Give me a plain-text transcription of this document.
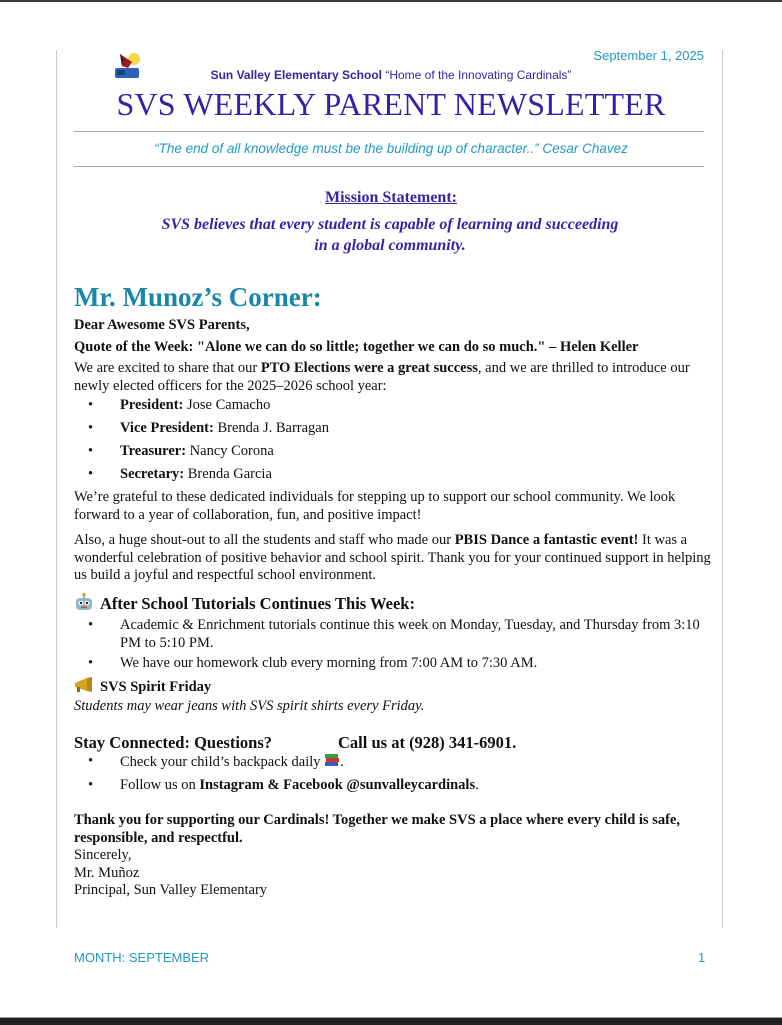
September 1, 2025
Sun Valley Elementary School “Home of the Innovating Cardinals”
SVS WEEKLY PARENT NEWSLETTER
“The end of all knowledge must be the building up of character..” Cesar Chavez
Mission Statement:
SVS believes that every student is capable of learning and succeeding
in a global community.
Mr. Munoz’s Corner:

Dear Awesome SVS Parents,

Quote of the Week: "Alone we can do so little; together we can do so much." – Helen Keller

We are excited to share that our PTO Elections were a great success, and we are thrilled to introduce our newly elected officers for the 2025–2026 school year:

• President: Jose Camacho
• Vice President: Brenda J. Barragan
• Treasurer: Nancy Corona
• Secretary: Brenda Garcia

We’re grateful to these dedicated individuals for stepping up to support our school community. We look forward to a year of collaboration, fun, and positive impact!

Also, a huge shout-out to all the students and staff who made our PBIS Dance a fantastic event! It was a wonderful celebration of positive behavior and school spirit. Thank you for your continued support in helping us build a joyful and respectful school environment.

After School Tutorials Continues This Week:

• Academic & Enrichment tutorials continue this week on Monday, Tuesday, and Thursday from 3:10 PM to 5:10 PM.
• We have our homework club every morning from 7:00 AM to 7:30 AM.

SVS Spirit Friday

Students may wear jeans with SVS spirit shirts every Friday.

Stay Connected: Questions?	Call us at (928) 341-6901.

• Check your child’s backpack daily .
• Follow us on Instagram & Facebook @sunvalleycardinals.

Thank you for supporting our Cardinals! Together we make SVS a place where every child is safe, responsible, and respectful.

Sincerely,

Mr. Muñoz

Principal, Sun Valley Elementary

MONTH: SEPTEMBER	1
